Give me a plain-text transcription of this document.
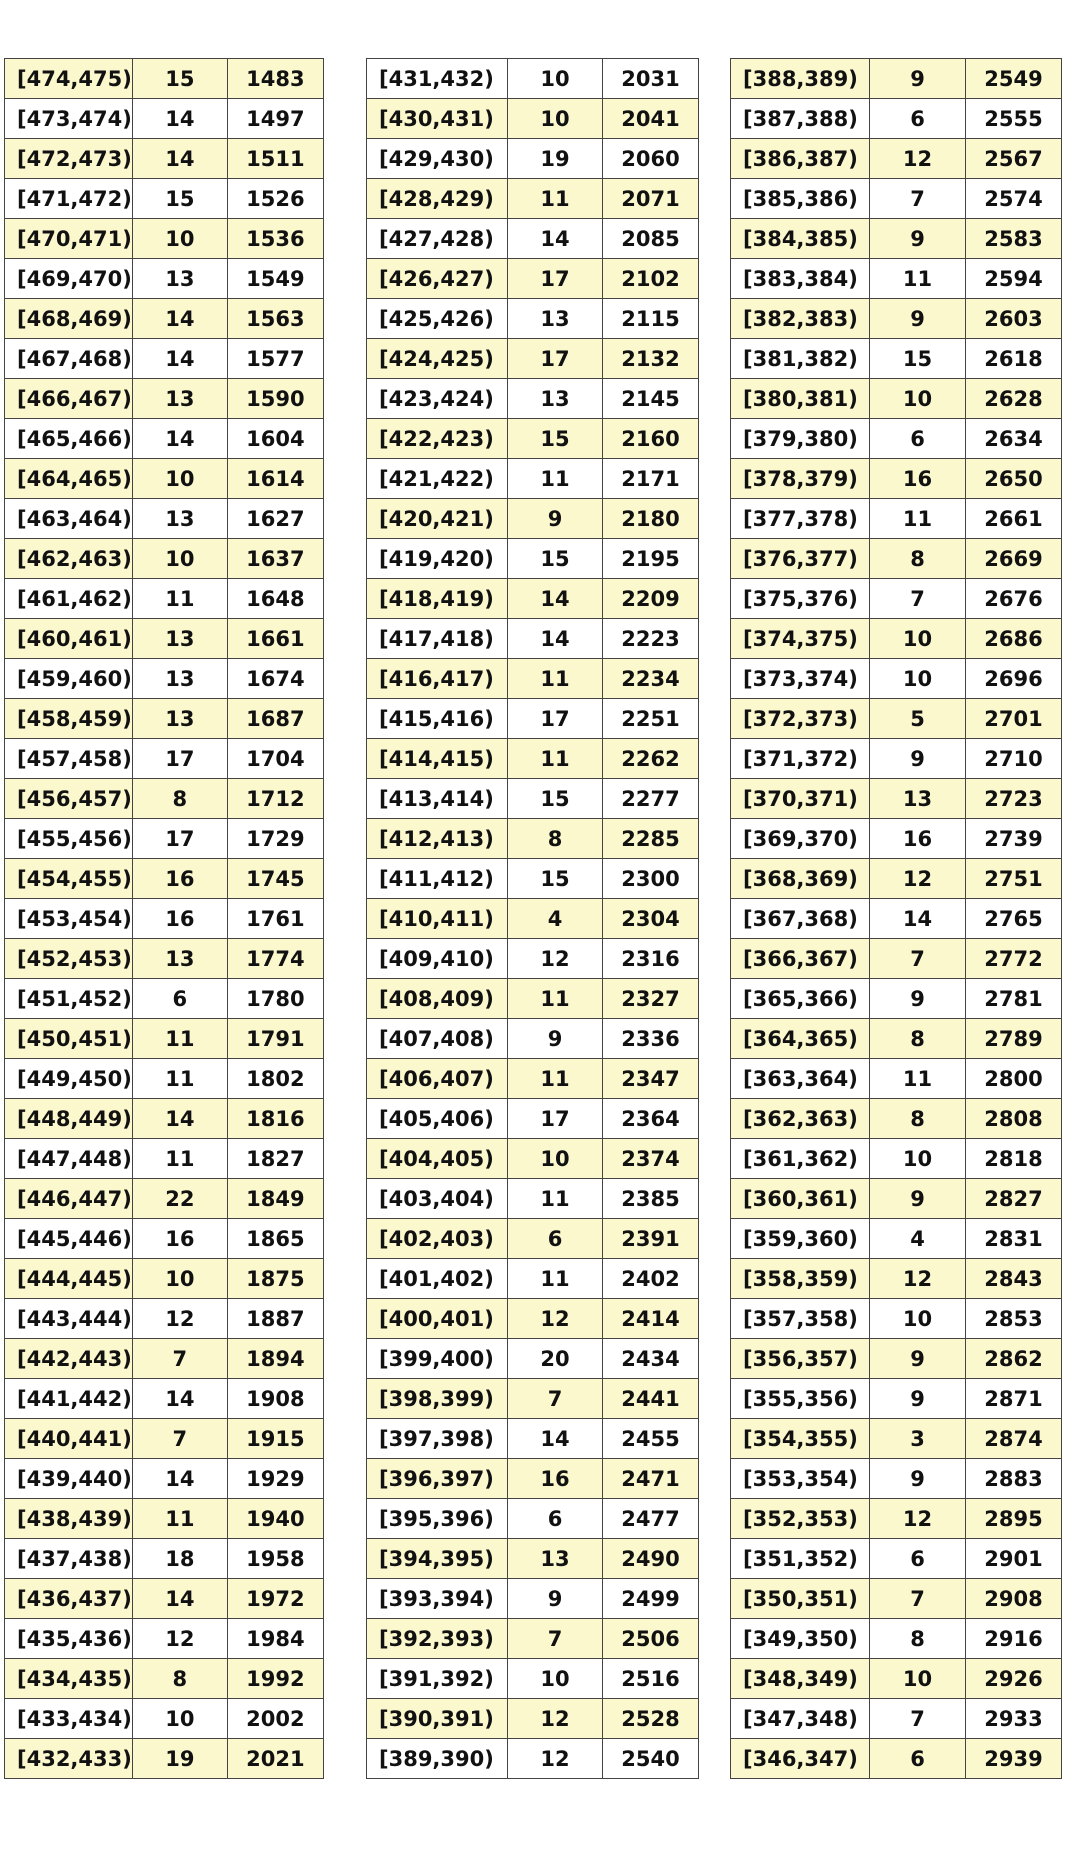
[474,475)	15	1483
[473,474)	14	1497
[472,473)	14	1511
[471,472)	15	1526
[470,471)	10	1536
[469,470)	13	1549
[468,469)	14	1563
[467,468)	14	1577
[466,467)	13	1590
[465,466)	14	1604
[464,465)	10	1614
[463,464)	13	1627
[462,463)	10	1637
[461,462)	11	1648
[460,461)	13	1661
[459,460)	13	1674
[458,459)	13	1687
[457,458)	17	1704
[456,457)	8	1712
[455,456)	17	1729
[454,455)	16	1745
[453,454)	16	1761
[452,453)	13	1774
[451,452)	6	1780
[450,451)	11	1791
[449,450)	11	1802
[448,449)	14	1816
[447,448)	11	1827
[446,447)	22	1849
[445,446)	16	1865
[444,445)	10	1875
[443,444)	12	1887
[442,443)	7	1894
[441,442)	14	1908
[440,441)	7	1915
[439,440)	14	1929
[438,439)	11	1940
[437,438)	18	1958
[436,437)	14	1972
[435,436)	12	1984
[434,435)	8	1992
[433,434)	10	2002
[432,433)	19	2021
[431,432)	10	2031
[430,431)	10	2041
[429,430)	19	2060
[428,429)	11	2071
[427,428)	14	2085
[426,427)	17	2102
[425,426)	13	2115
[424,425)	17	2132
[423,424)	13	2145
[422,423)	15	2160
[421,422)	11	2171
[420,421)	9	2180
[419,420)	15	2195
[418,419)	14	2209
[417,418)	14	2223
[416,417)	11	2234
[415,416)	17	2251
[414,415)	11	2262
[413,414)	15	2277
[412,413)	8	2285
[411,412)	15	2300
[410,411)	4	2304
[409,410)	12	2316
[408,409)	11	2327
[407,408)	9	2336
[406,407)	11	2347
[405,406)	17	2364
[404,405)	10	2374
[403,404)	11	2385
[402,403)	6	2391
[401,402)	11	2402
[400,401)	12	2414
[399,400)	20	2434
[398,399)	7	2441
[397,398)	14	2455
[396,397)	16	2471
[395,396)	6	2477
[394,395)	13	2490
[393,394)	9	2499
[392,393)	7	2506
[391,392)	10	2516
[390,391)	12	2528
[389,390)	12	2540
[388,389)	9	2549
[387,388)	6	2555
[386,387)	12	2567
[385,386)	7	2574
[384,385)	9	2583
[383,384)	11	2594
[382,383)	9	2603
[381,382)	15	2618
[380,381)	10	2628
[379,380)	6	2634
[378,379)	16	2650
[377,378)	11	2661
[376,377)	8	2669
[375,376)	7	2676
[374,375)	10	2686
[373,374)	10	2696
[372,373)	5	2701
[371,372)	9	2710
[370,371)	13	2723
[369,370)	16	2739
[368,369)	12	2751
[367,368)	14	2765
[366,367)	7	2772
[365,366)	9	2781
[364,365)	8	2789
[363,364)	11	2800
[362,363)	8	2808
[361,362)	10	2818
[360,361)	9	2827
[359,360)	4	2831
[358,359)	12	2843
[357,358)	10	2853
[356,357)	9	2862
[355,356)	9	2871
[354,355)	3	2874
[353,354)	9	2883
[352,353)	12	2895
[351,352)	6	2901
[350,351)	7	2908
[349,350)	8	2916
[348,349)	10	2926
[347,348)	7	2933
[346,347)	6	2939
